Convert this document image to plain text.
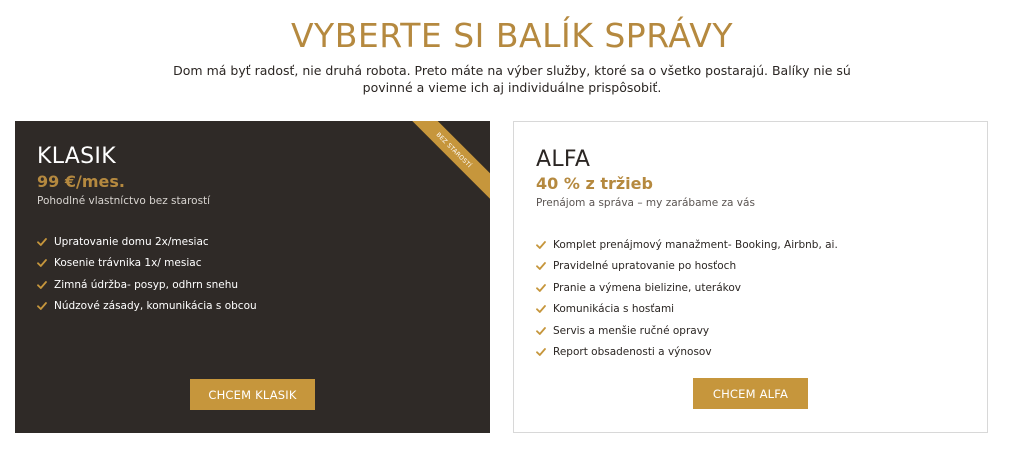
VYBERTE SI BALÍK SPRÁVY

Dom má byť radosť, nie druhá robota. Preto máte na výber služby, ktoré sa o všetko postarajú. Balíky nie sú povinné a vieme ich aj individuálne prispôsobiť.

BEZ STAROSTÍ
KLASIK
99 €/mes.
Pohodlné vlastníctvo bez starostí
Upratovanie domu 2x/mesiac
Kosenie trávnika 1x/ mesiac
Zimná údržba- posyp, odhrn snehu
Núdzové zásady, komunikácia s obcou
CHCEM KLASIK
ALFA
40 % z tržieb
Prenájom a správa – my zarábame za vás
Komplet prenájmový manažment- Booking, Airbnb, ai.
Pravidelné upratovanie po hosťoch
Pranie a výmena bielizine, uterákov
Komunikácia s hosťami
Servis a menšie ručné opravy
Report obsadenosti a výnosov
CHCEM ALFA
